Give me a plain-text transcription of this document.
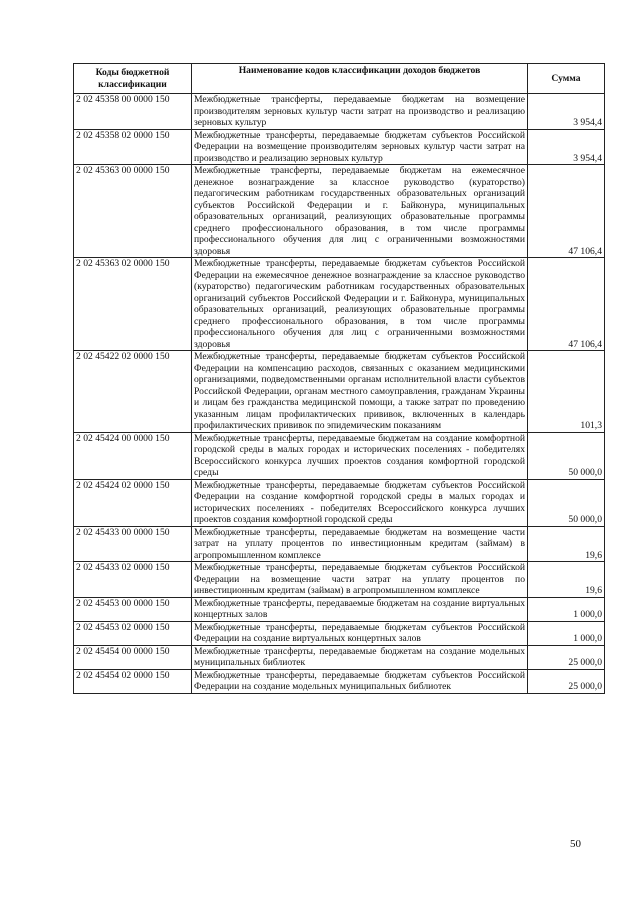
Коды бюджетной классификации	Наименование кодов классификации доходов бюджетов	Сумма
2 02 45358 00 0000 150	Межбюджетные трансферты, передаваемые бюджетам на возмещение производителям зерновых культур части затрат на производство и реализацию зерновых культур	3 954,4
2 02 45358 02 0000 150	Межбюджетные трансферты, передаваемые бюджетам субъектов Российской Федерации на возмещение производителям зерновых культур части затрат на производство и реализацию зерновых культур	3 954,4
2 02 45363 00 0000 150	Межбюджетные трансферты, передаваемые бюджетам на ежемесячное денежное вознаграждение за классное руководство (кураторство) педагогическим работникам государственных образовательных организаций субъектов Российской Федерации и г. Байконура, муниципальных образовательных организаций, реализующих образовательные программы среднего профессионального образования, в том числе программы профессионального обучения для лиц с ограниченными возможностями здоровья	47 106,4
2 02 45363 02 0000 150	Межбюджетные трансферты, передаваемые бюджетам субъектов Российской Федерации на ежемесячное денежное вознаграждение за классное руководство (кураторство) педагогическим работникам государственных образовательных организаций субъектов Российской Федерации и г. Байконура, муниципальных образовательных организаций, реализующих образовательные программы среднего профессионального образования, в том числе программы профессионального обучения для лиц с ограниченными возможностями здоровья	47 106,4
2 02 45422 02 0000 150	Межбюджетные трансферты, передаваемые бюджетам субъектов Российской Федерации на компенсацию расходов, связанных с оказанием медицинскими организациями, подведомственными органам исполнительной власти субъектов Российской Федерации, органам местного самоуправления, гражданам Украины и лицам без гражданства медицинской помощи, а также затрат по проведению указанным лицам профилактических прививок, включенных в календарь профилактических прививок по эпидемическим показаниям	101,3
2 02 45424 00 0000 150	Межбюджетные трансферты, передаваемые бюджетам на создание комфортной городской среды в малых городах и исторических поселениях - победителях Всероссийского конкурса лучших проектов создания комфортной городской среды	50 000,0
2 02 45424 02 0000 150	Межбюджетные трансферты, передаваемые бюджетам субъектов Российской Федерации на создание комфортной городской среды в малых городах и исторических поселениях - победителях Всероссийского конкурса лучших проектов создания комфортной городской среды	50 000,0
2 02 45433 00 0000 150	Межбюджетные трансферты, передаваемые бюджетам на возмещение части затрат на уплату процентов по инвестиционным кредитам (займам) в агропромышленном комплексе	19,6
2 02 45433 02 0000 150	Межбюджетные трансферты, передаваемые бюджетам субъектов Российской Федерации на возмещение части затрат на уплату процентов по инвестиционным кредитам (займам) в агропромышленном комплексе	19,6
2 02 45453 00 0000 150	Межбюджетные трансферты, передаваемые бюджетам на создание виртуальных концертных залов	1 000,0
2 02 45453 02 0000 150	Межбюджетные трансферты, передаваемые бюджетам субъектов Российской Федерации на создание виртуальных концертных залов	1 000,0
2 02 45454 00 0000 150	Межбюджетные трансферты, передаваемые бюджетам на создание модельных муниципальных библиотек	25 000,0
2 02 45454 02 0000 150	Межбюджетные трансферты, передаваемые бюджетам субъектов Российской Федерации на создание модельных муниципальных библиотек	25 000,0
50
